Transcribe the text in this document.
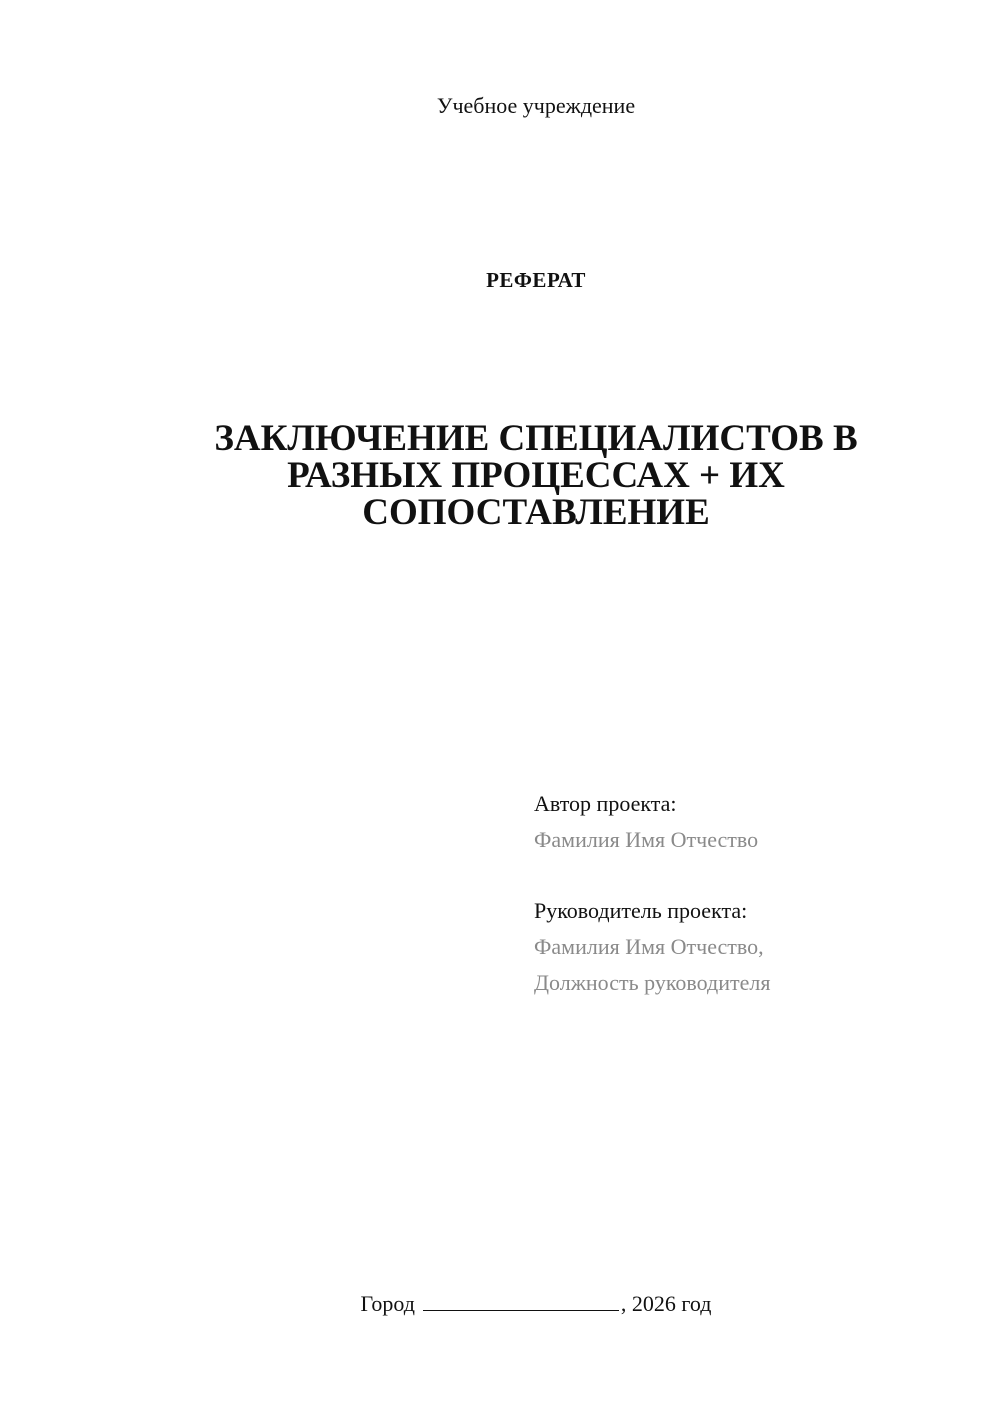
Учебное учреждение
РЕФЕРАТ
ЗАКЛЮЧЕНИЕ СПЕЦИАЛИСТОВ В
РАЗНЫХ ПРОЦЕССАХ + ИХ
СОПОСТАВЛЕНИЕ
Автор проекта:
Фамилия Имя Отчество
Руководитель проекта:
Фамилия Имя Отчество,
Должность руководителя
Город	, 2026 год
